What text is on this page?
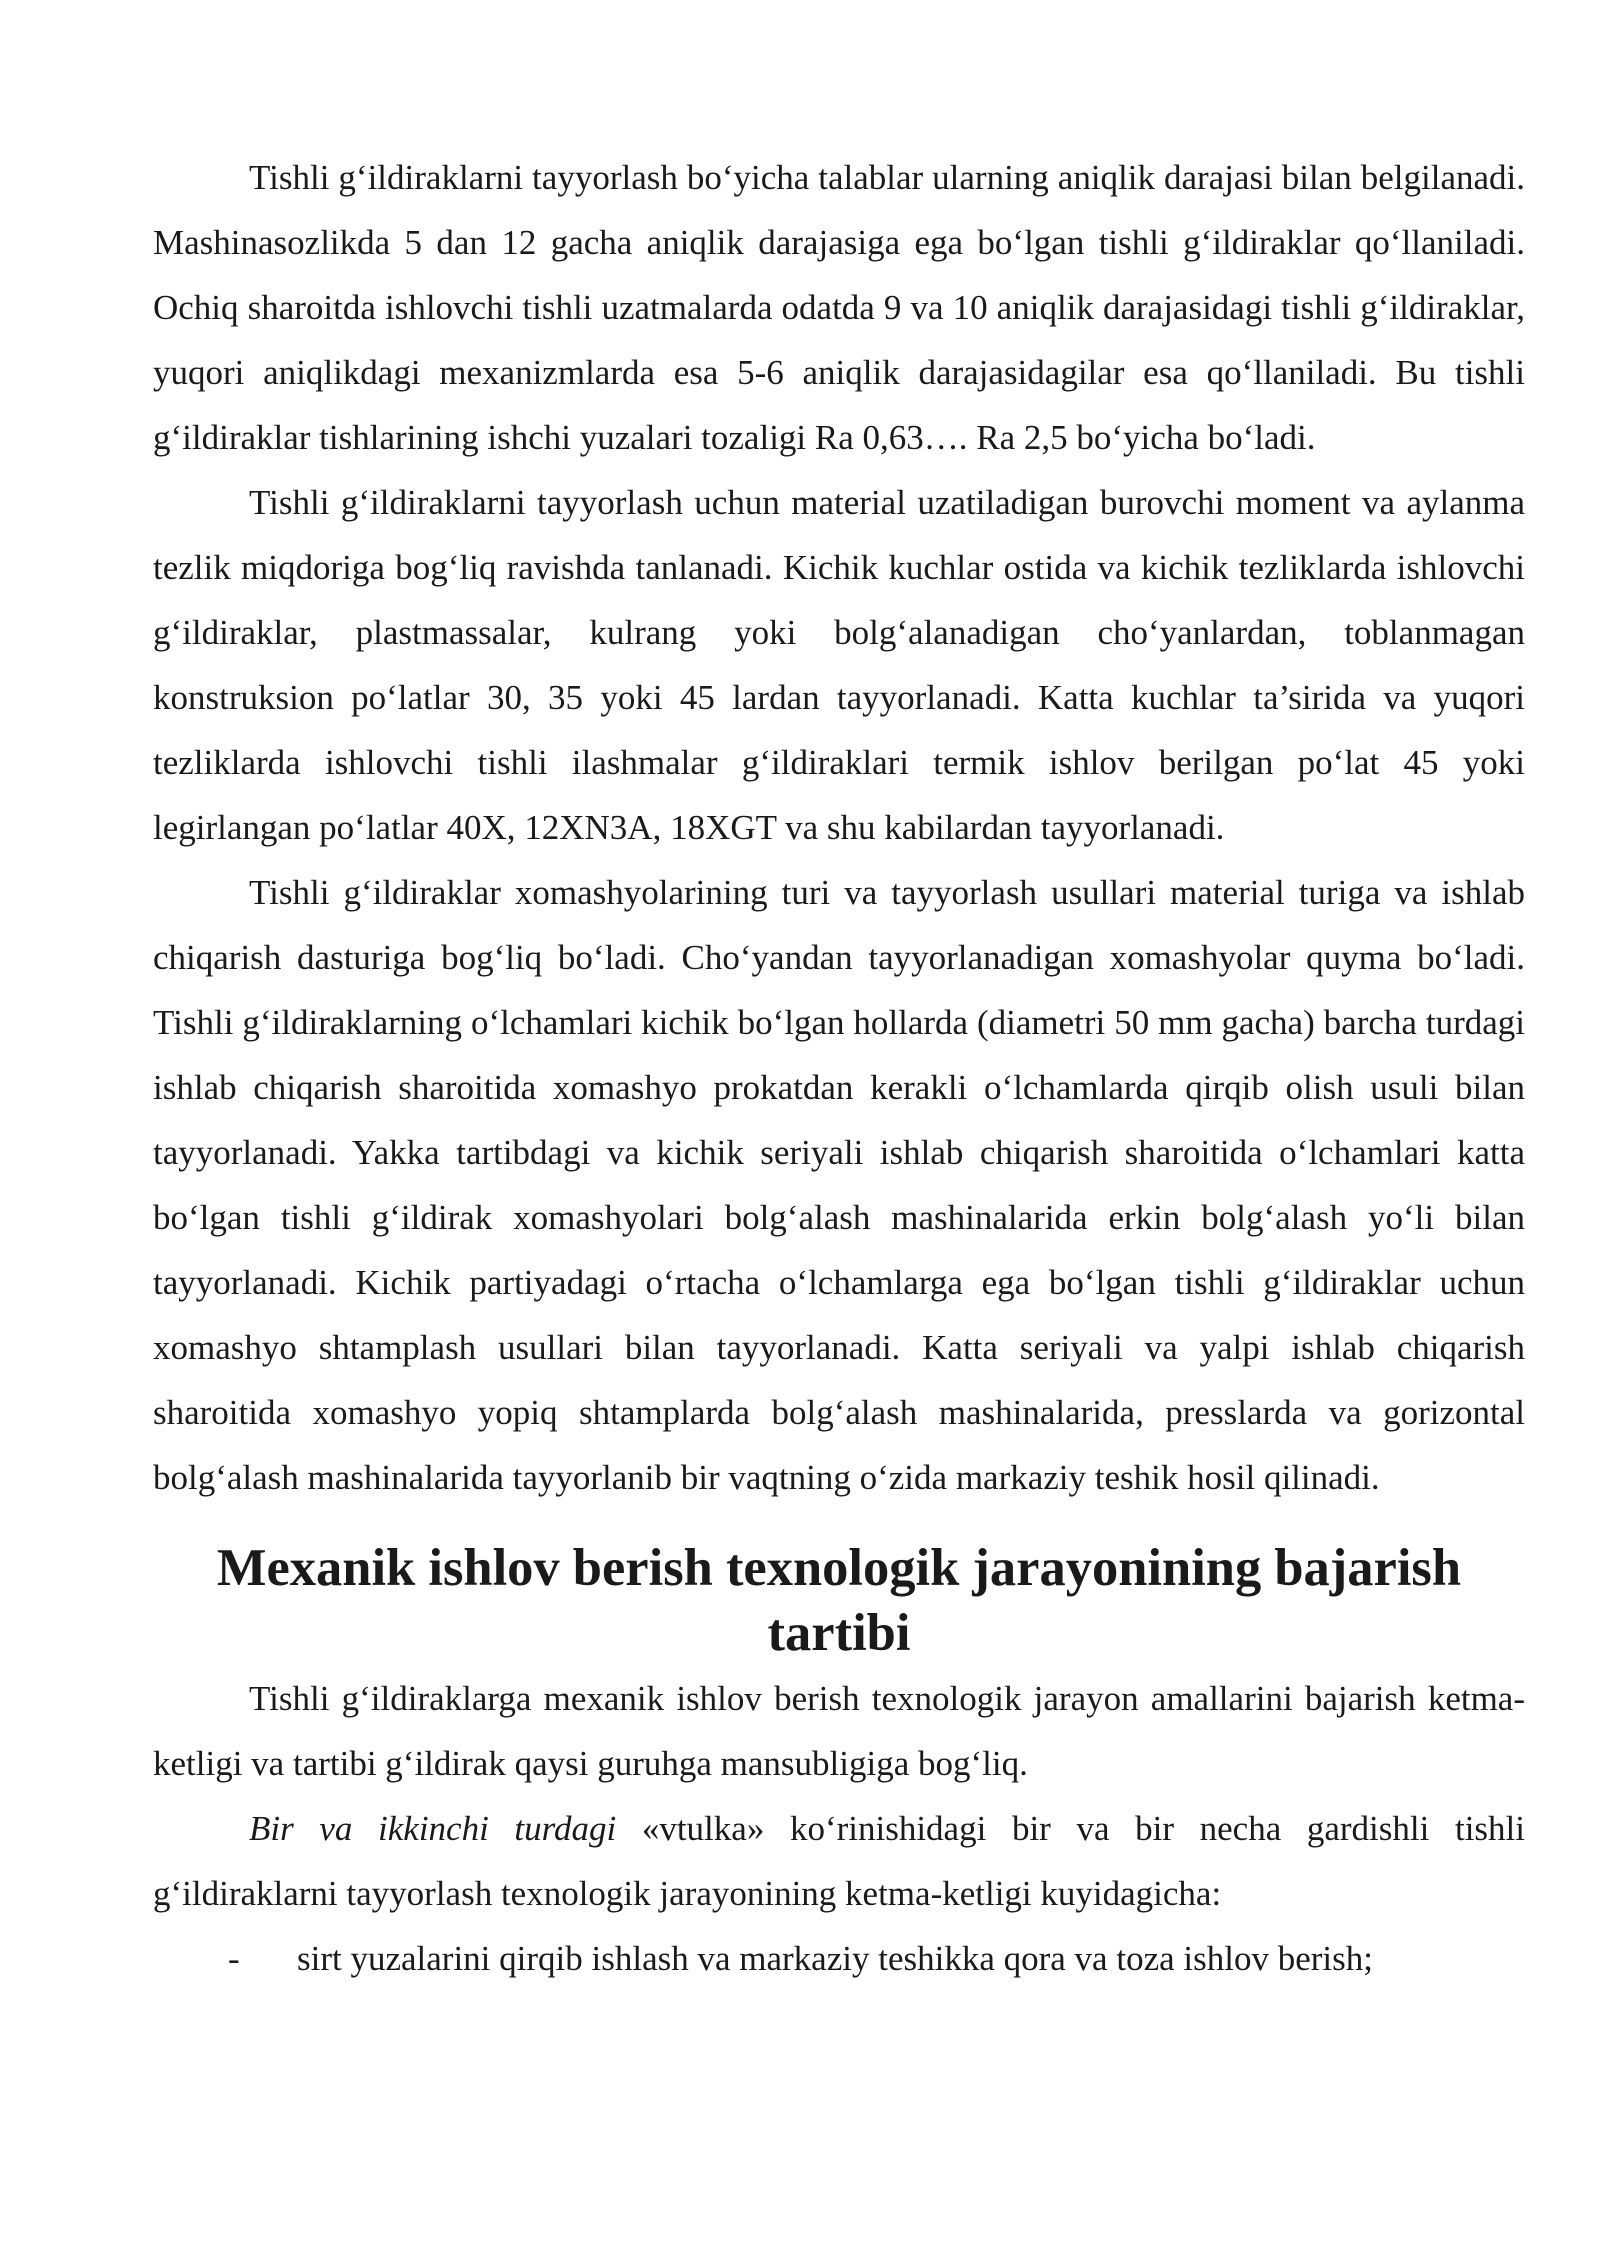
Tishli g‘ildiraklarni tayyorlash bo‘yicha talablar ularning aniqlik darajasi bilan belgilanadi. Mashinasozlikda 5 dan 12 gacha aniqlik darajasiga ega bo‘lgan tishli g‘ildiraklar qo‘llaniladi. Ochiq sharoitda ishlovchi tishli uzatmalarda odatda 9 va 10 aniqlik darajasidagi tishli g‘ildiraklar, yuqori aniqlikdagi mexanizmlarda esa 5-6 aniqlik darajasidagilar esa qo‘llaniladi. Bu tishli g‘ildiraklar tishlarining ishchi yuzalari tozaligi Ra 0,63…. Ra 2,5 bo‘yicha bo‘ladi.

Tishli g‘ildiraklarni tayyorlash uchun material uzatiladigan burovchi moment va aylanma tezlik miqdoriga bog‘liq ravishda tanlanadi. Kichik kuchlar ostida va kichik tezliklarda ishlovchi g‘ildiraklar, plastmassalar, kulrang yoki bolg‘alanadigan cho‘yanlardan, toblanmagan konstruksion po‘latlar 30, 35 yoki 45 lardan tayyorlanadi. Katta kuchlar ta’sirida va yuqori tezliklarda ishlovchi tishli ilashmalar g‘ildiraklari termik ishlov berilgan po‘lat 45 yoki legirlangan po‘latlar 40X, 12XN3A, 18XGT va shu kabilardan tayyorlanadi.

Tishli g‘ildiraklar xomashyolarining turi va tayyorlash usullari material turiga va ishlab chiqarish dasturiga bog‘liq bo‘ladi. Cho‘yandan tayyorlanadigan xomashyolar quyma bo‘ladi. Tishli g‘ildiraklarning o‘lchamlari kichik bo‘lgan hollarda (diametri 50 mm gacha) barcha turdagi ishlab chiqarish sharoitida xomashyo prokatdan kerakli o‘lchamlarda qirqib olish usuli bilan tayyorlanadi. Yakka tartibdagi va kichik seriyali ishlab chiqarish sharoitida o‘lchamlari katta bo‘lgan tishli g‘ildirak xomashyolari bolg‘alash mashinalarida erkin bolg‘alash yo‘li bilan tayyorlanadi. Kichik partiyadagi o‘rtacha o‘lchamlarga ega bo‘lgan tishli g‘ildiraklar uchun xomashyo shtamplash usullari bilan tayyorlanadi. Katta seriyali va yalpi ishlab chiqarish sharoitida xomashyo yopiq shtamplarda bolg‘alash mashinalarida, presslarda va gorizontal bolg‘alash mashinalarida tayyorlanib bir vaqtning o‘zida markaziy teshik hosil qilinadi.

Mexanik ishlov berish texnologik jarayonining bajarish tartibi

Tishli g‘ildiraklarga mexanik ishlov berish texnologik jarayon amallarini bajarish ketma-ketligi va tartibi g‘ildirak qaysi guruhga mansubligiga bog‘liq.

Bir va ikkinchi turdagi «vtulka» ko‘rinishidagi bir va bir necha gardishli tishli g‘ildiraklarni tayyorlash texnologik jarayonining ketma-ketligi kuyidagicha:

-	sirt yuzalarini qirqib ishlash va markaziy teshikka qora va toza ishlov berish;
